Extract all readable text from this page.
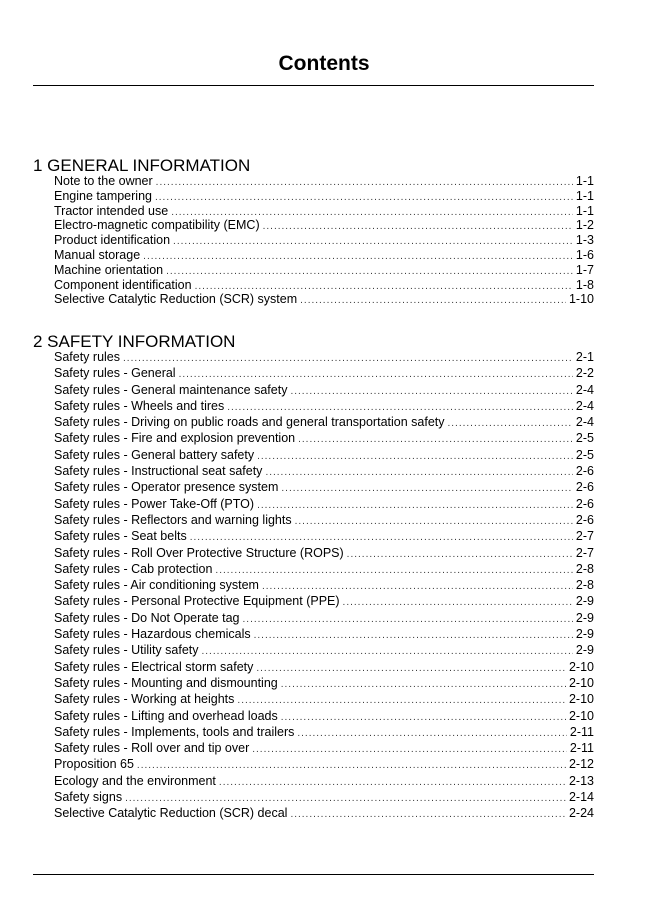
Contents
1 GENERAL INFORMATION
Note to the owner .....	1-1
Engine tampering .....	1-1
Tractor intended use .....	1-1
Electro-magnetic compatibility (EMC) .....	1-2
Product identification .....	1-3
Manual storage .....	1-6
Machine orientation .....	1-7
Component identification .....	1-8
Selective Catalytic Reduction (SCR) system .....	1-10
2 SAFETY INFORMATION
Safety rules .....	2-1
Safety rules - General .....	2-2
Safety rules - General maintenance safety .....	2-4
Safety rules - Wheels and tires .....	2-4
Safety rules - Driving on public roads and general transportation safety .....	2-4
Safety rules - Fire and explosion prevention .....	2-5
Safety rules - General battery safety .....	2-5
Safety rules - Instructional seat safety .....	2-6
Safety rules - Operator presence system .....	2-6
Safety rules - Power Take-Off (PTO) .....	2-6
Safety rules - Reflectors and warning lights .....	2-6
Safety rules - Seat belts .....	2-7
Safety rules - Roll Over Protective Structure (ROPS) .....	2-7
Safety rules - Cab protection .....	2-8
Safety rules - Air conditioning system .....	2-8
Safety rules - Personal Protective Equipment (PPE) .....	2-9
Safety rules - Do Not Operate tag .....	2-9
Safety rules - Hazardous chemicals .....	2-9
Safety rules - Utility safety .....	2-9
Safety rules - Electrical storm safety .....	2-10
Safety rules - Mounting and dismounting .....	2-10
Safety rules - Working at heights .....	2-10
Safety rules - Lifting and overhead loads .....	2-10
Safety rules - Implements, tools and trailers .....	2-11
Safety rules - Roll over and tip over .....	2-11
Proposition 65 .....	2-12
Ecology and the environment .....	2-13
Safety signs .....	2-14
Selective Catalytic Reduction (SCR) decal .....	2-24
